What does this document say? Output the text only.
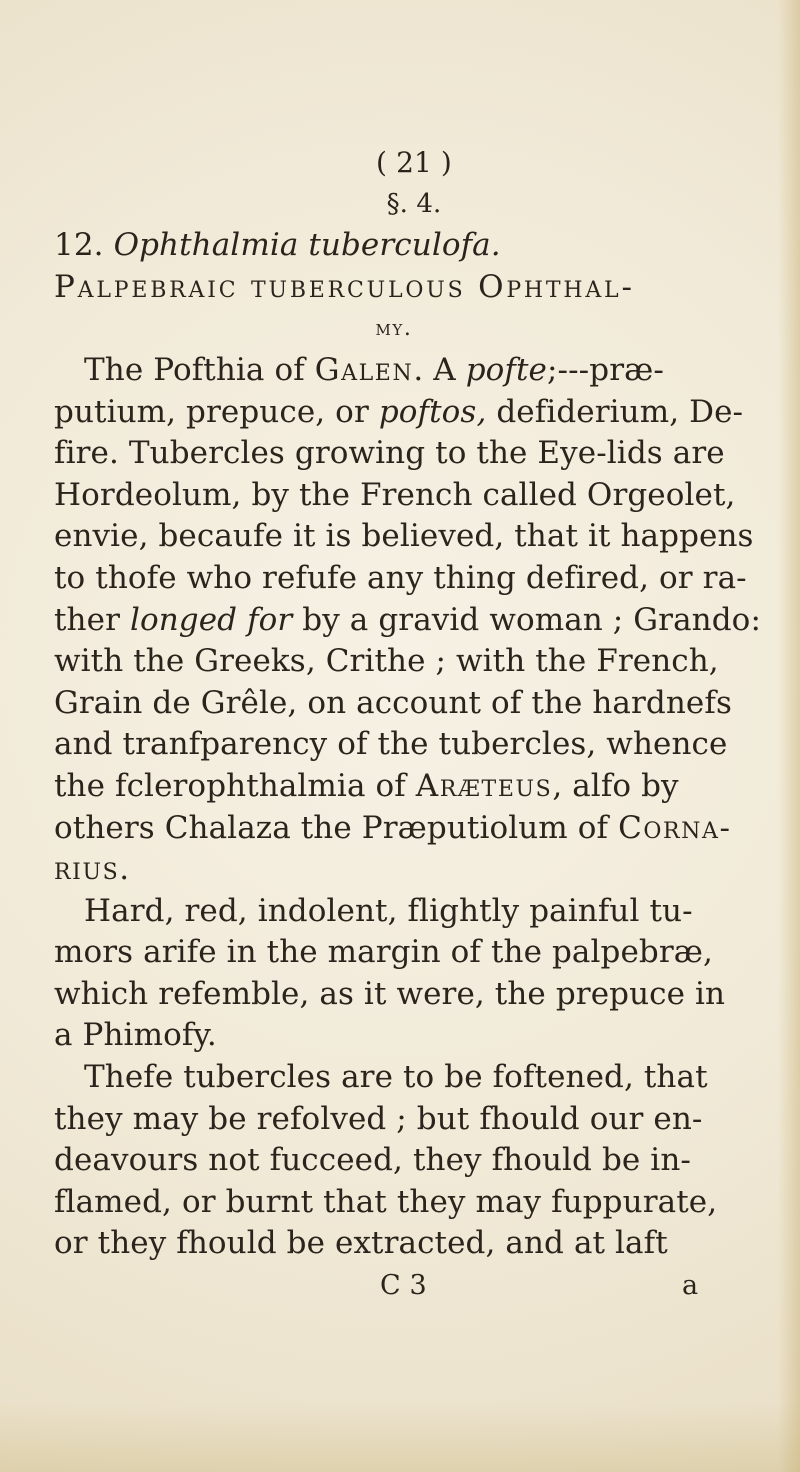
( 21 )
§. 4.
12. Ophthalmia tuberculofa.
Palpebraic tuberculous Ophthal-
my.
The Pofthia of Galen. A pofte;---præ-
putium, prepuce, or poftos, defiderium, De-
fire. Tubercles growing to the Eye-lids are
Hordeolum, by the French called Orgeolet,
envie, becaufe it is believed, that it happens
to thofe who refufe any thing defired, or ra-
ther longed for by a gravid woman ; Grando:
with the Greeks, Crithe ; with the French,
Grain de Grêle, on account of the hardnefs
and tranfparency of the tubercles, whence
the fclerophthalmia of Aræteus, alfo by
others Chalaza the Præputiolum of Corna-
rius.
Hard, red, indolent, flightly painful tu-
mors arife in the margin of the palpebræ,
which refemble, as it were, the prepuce in
a Phimofy.
Thefe tubercles are to be foftened, that
they may be refolved ; but fhould our en-
deavours not fucceed, they fhould be in-
flamed, or burnt that they may fuppurate,
or they fhould be extracted, and at laft
C 3	a
